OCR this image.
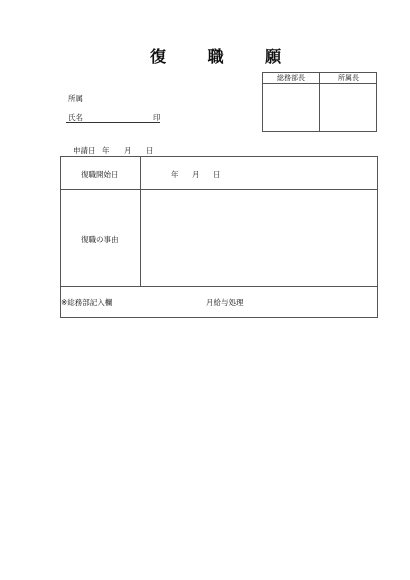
復 職 願
総務部長	所属長
所属
氏名	印
申請日 年 月 日
復職開始日	年 月 日
復職の事由
※総務部記入欄	月給与処理
